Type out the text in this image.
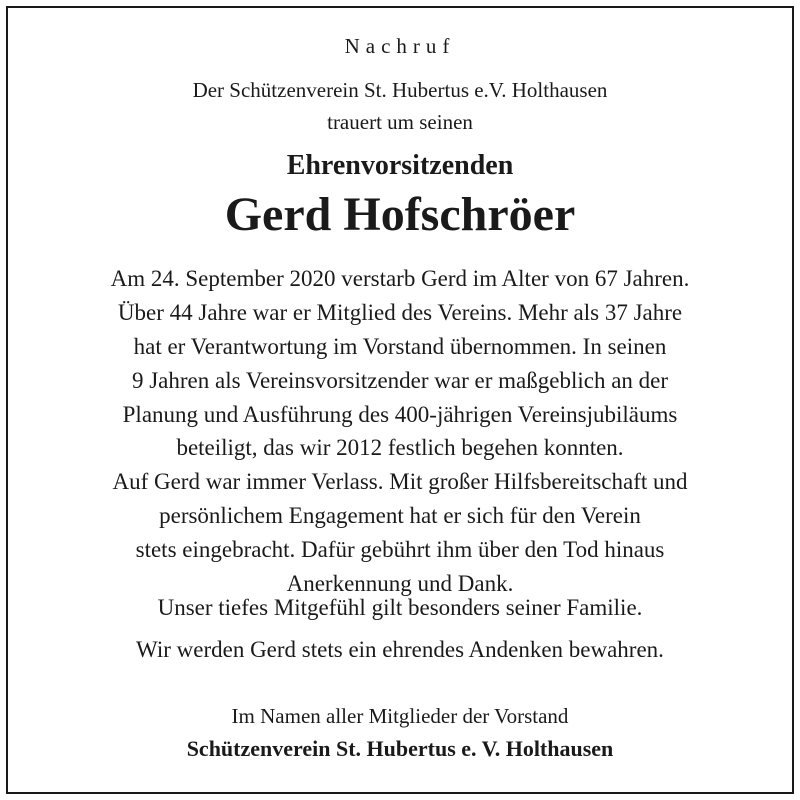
Nachruf
Der Schützenverein St. Hubertus e.V. Holthausen
trauert um seinen
Ehrenvorsitzenden
Gerd Hofschröer
Am 24. September 2020 verstarb Gerd im Alter von 67 Jahren.
Über 44 Jahre war er Mitglied des Vereins. Mehr als 37 Jahre
hat er Verantwortung im Vorstand übernommen. In seinen
9 Jahren als Vereinsvorsitzender war er maßgeblich an der
Planung und Ausführung des 400-jährigen Vereinsjubiläums
beteiligt, das wir 2012 festlich begehen konnten.
Auf Gerd war immer Verlass. Mit großer Hilfsbereitschaft und
persönlichem Engagement hat er sich für den Verein
stets eingebracht. Dafür gebührt ihm über den Tod hinaus
Anerkennung und Dank.
Unser tiefes Mitgefühl gilt besonders seiner Familie.
Wir werden Gerd stets ein ehrendes Andenken bewahren.
Im Namen aller Mitglieder der Vorstand
Schützenverein St. Hubertus e. V. Holthausen
